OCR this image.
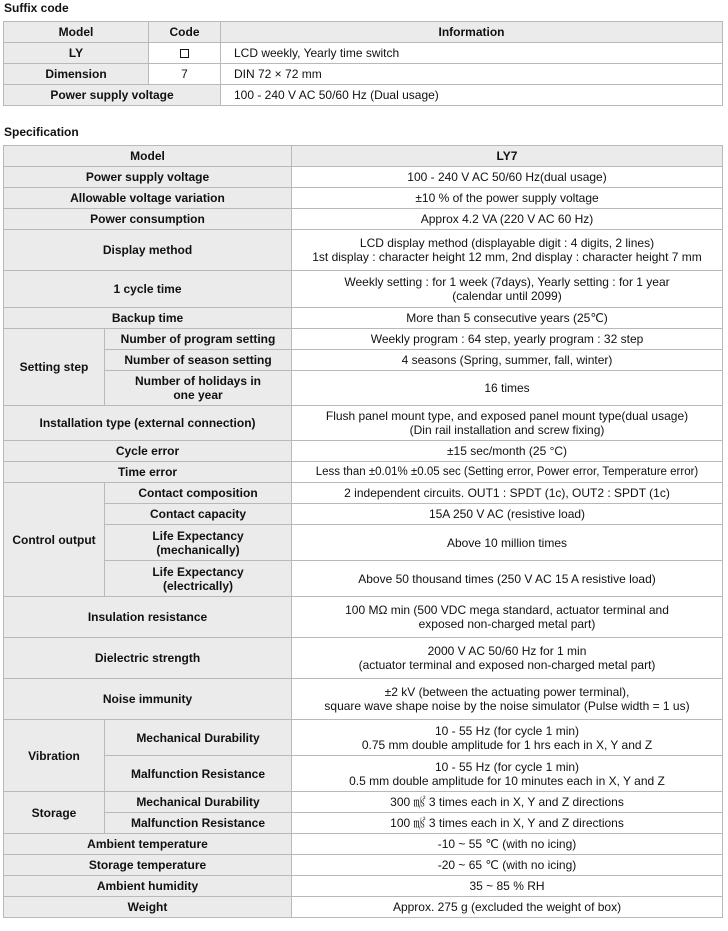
Suffix code
Model	Code	Information
LY		LCD weekly, Yearly time switch
Dimension	7	DIN 72 × 72 mm
Power supply voltage		100 - 240 V AC 50/60 Hz (Dual usage)
Specification
Model		LY7
Power supply voltage		100 - 240 V AC 50/60 Hz(dual usage)
Allowable voltage variation		±10 % of the power supply voltage
Power consumption		Approx 4.2 VA (220 V AC 60 Hz)
Display method		LCD display method (displayable digit : 4 digits, 2 lines)
1st display : character height 12 mm, 2nd display : character height 7 mm
1 cycle time		Weekly setting : for 1 week (7days), Yearly setting : for 1 year
(calendar until 2099)
Backup time		More than 5 consecutive years (25℃)
Setting step	Number of program setting	Weekly program : 64 step, yearly program : 32 step
	Number of season setting	4 seasons (Spring, summer, fall, winter)
	Number of holidays in
one year	16 times
Installation type (external connection)		Flush panel mount type, and exposed panel mount type(dual usage)
(Din rail installation and screw fixing)
Cycle error		±15 sec/month (25 °C)
Time error		Less than ±0.01% ±0.05 sec (Setting error, Power error, Temperature error)
Control output	Contact composition	2 independent circuits. OUT1 : SPDT (1c), OUT2 : SPDT (1c)
	Contact capacity	15A 250 V AC (resistive load)
	Life Expectancy
(mechanically)	Above 10 million times
	Life Expectancy
(electrically)	Above 50 thousand times (250 V AC 15 A resistive load)
Insulation resistance		100 MΩ min (500 VDC mega standard, actuator terminal and
exposed non-charged metal part)
Dielectric strength		2000 V AC 50/60 Hz for 1 min
(actuator terminal and exposed non-charged metal part)
Noise immunity		±2 kV (between the actuating power terminal),
square wave shape noise by the noise simulator (Pulse width = 1 us)
Vibration	Mechanical Durability	10 - 55 Hz (for cycle 1 min)
0.75 mm double amplitude for 1 hrs each in X, Y and Z
	Malfunction Resistance	10 - 55 Hz (for cycle 1 min)
0.5 mm double amplitude for 10 minutes each in X, Y and Z
Storage	Mechanical Durability	300 ㎨ 3 times each in X, Y and Z directions
	Malfunction Resistance	100 ㎨ 3 times each in X, Y and Z directions
Ambient temperature		-10 ~ 55 ℃ (with no icing)
Storage temperature		-20 ~ 65 ℃ (with no icing)
Ambient humidity		35 ~ 85 % RH
Weight		Approx. 275 g (excluded the weight of box)
